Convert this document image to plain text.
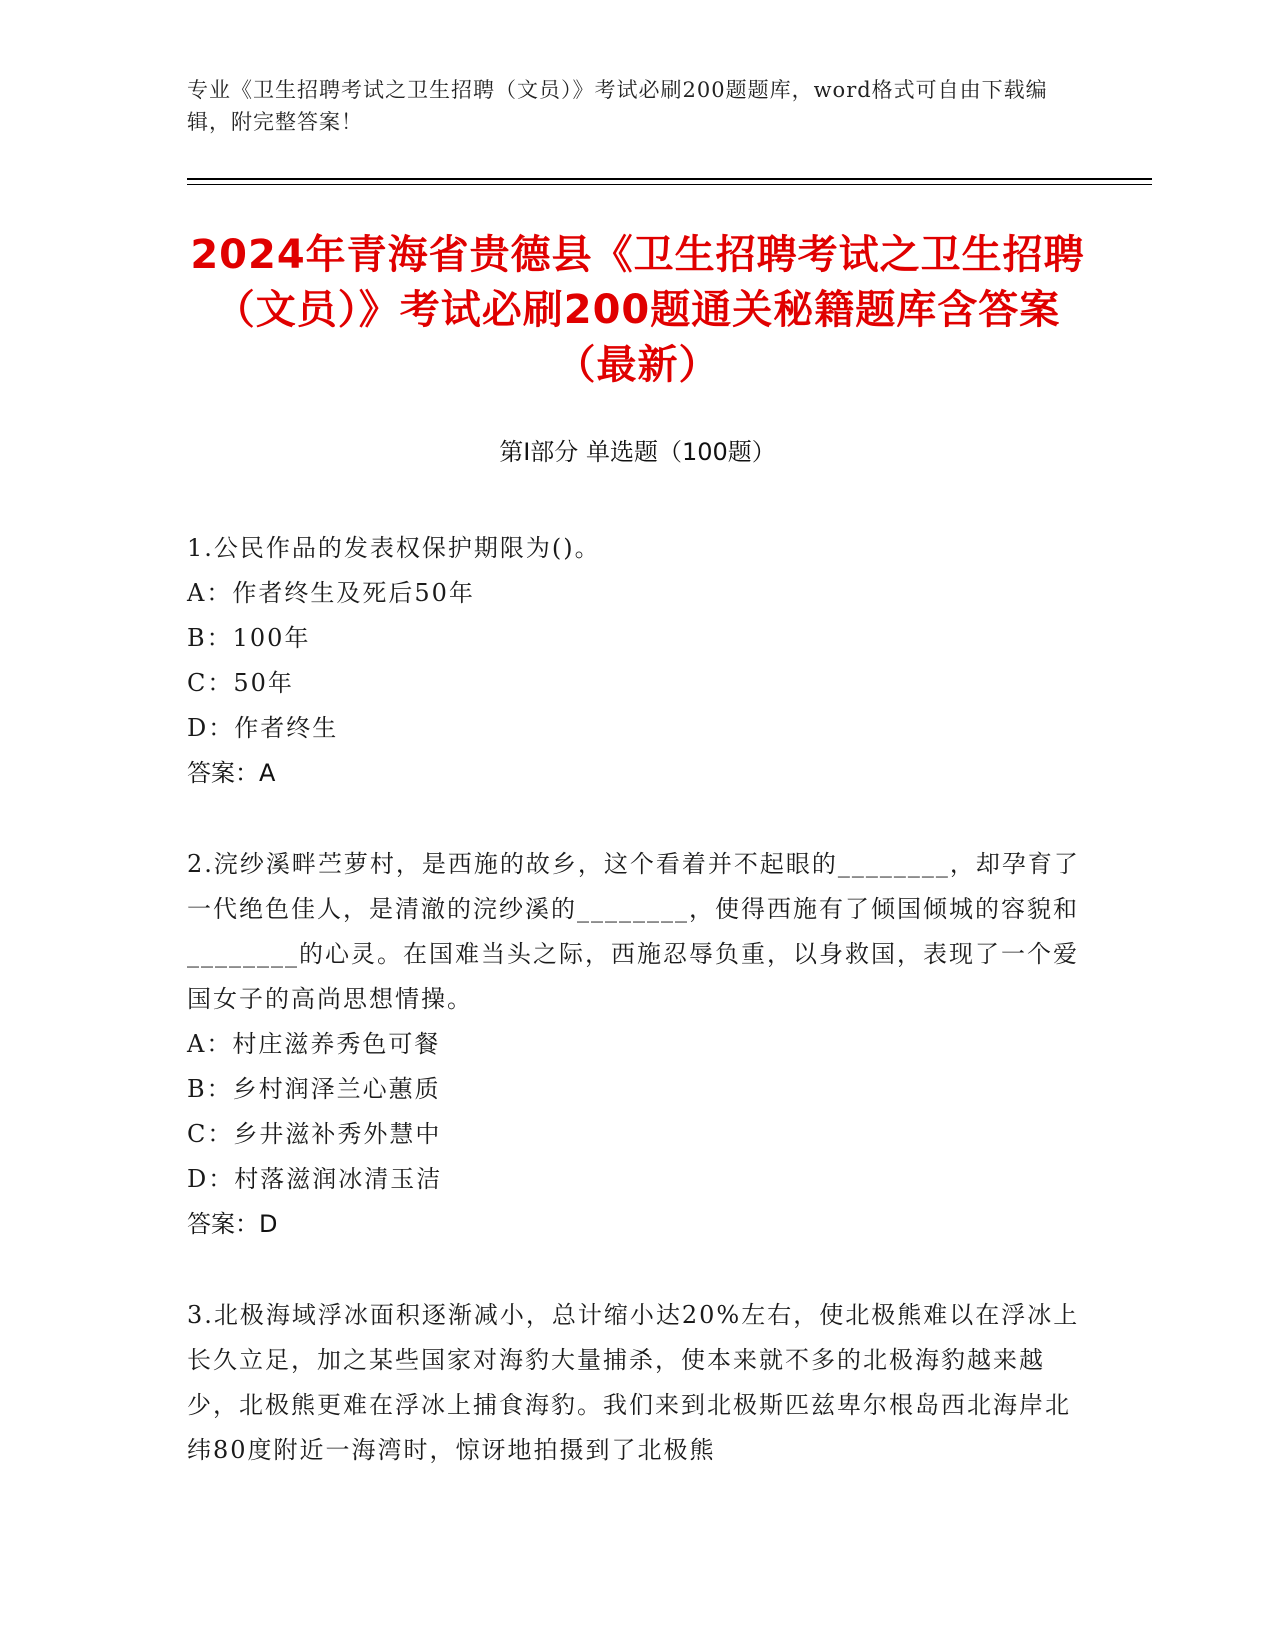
专业《卫生招聘考试之卫生招聘（文员）》考试必刷200题题库，word格式可自由下载编辑，附完整答案！
2024年青海省贵德县《卫生招聘考试之卫生招聘（文员）》考试必刷200题通关秘籍题库含答案（最新）
第Ⅰ部分 单选题（100题）
1.公民作品的发表权保护期限为()。
A：作者终生及死后50年
B：100年
C：50年
D：作者终生
答案：A
2.浣纱溪畔苎萝村，是西施的故乡，这个看着并不起眼的________，却孕育了一代绝色佳人，是清澈的浣纱溪的________，使得西施有了倾国倾城的容貌和________的心灵。在国难当头之际，西施忍辱负重，以身救国，表现了一个爱国女子的高尚思想情操。
A：村庄滋养秀色可餐
B：乡村润泽兰心蕙质
C：乡井滋补秀外慧中
D：村落滋润冰清玉洁
答案：D
3.北极海域浮冰面积逐渐减小，总计缩小达20%左右，使北极熊难以在浮冰上长久立足，加之某些国家对海豹大量捕杀，使本来就不多的北极海豹越来越少，北极熊更难在浮冰上捕食海豹。我们来到北极斯匹兹卑尔根岛西北海岸北纬80度附近一海湾时，惊讶地拍摄到了北极熊
